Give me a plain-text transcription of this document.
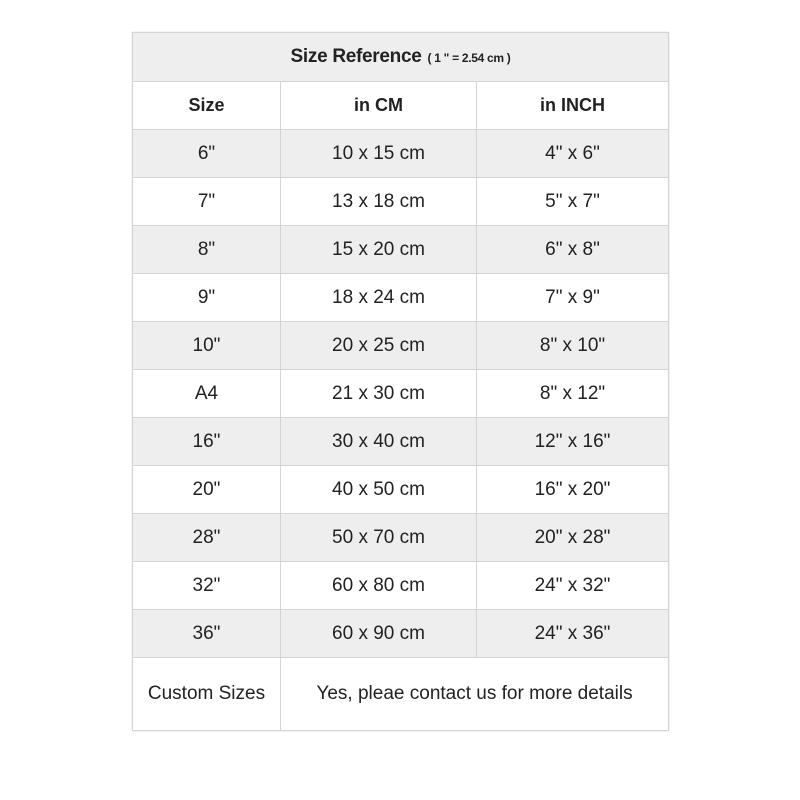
Size Reference ( 1 " = 2.54 cm )		
Size	in CM	in INCH
6"	10 x 15 cm	4" x 6"
7"	13 x 18 cm	5" x 7"
8"	15 x 20 cm	6" x 8"
9"	18 x 24 cm	7" x 9"
10"	20 x 25 cm	8" x 10"
A4	21 x 30 cm	8" x 12"
16"	30 x 40 cm	12" x 16"
20"	40 x 50 cm	16" x 20"
28"	50 x 70 cm	20" x 28"
32"	60 x 80 cm	24" x 32"
36"	60 x 90 cm	24" x 36"
Custom Sizes	Yes, pleae contact us for more details	
